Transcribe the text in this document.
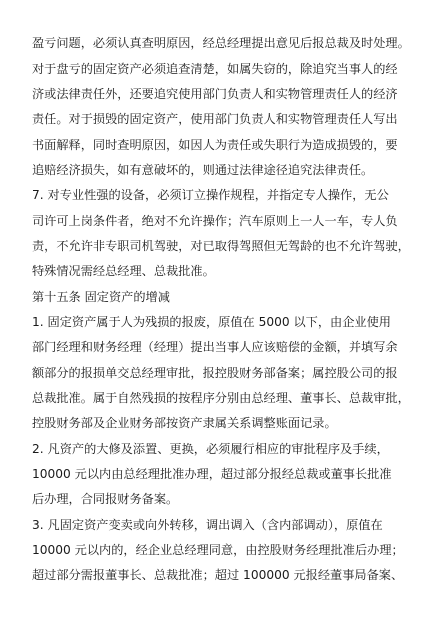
盈亏问题，必须认真查明原因，经总经理提出意见后报总裁及时处理。
对于盘亏的固定资产必须追查清楚，如属失窃的，除追究当事人的经
济或法律责任外，还要追究使用部门负责人和实物管理责任人的经济
责任。对于损毁的固定资产，使用部门负责人和实物管理责任人写出
书面解释，同时查明原因，如因人为责任或失职行为造成损毁的，要
追赔经济损失，如有意破坏的，则通过法律途径追究法律责任。
7. 对专业性强的设备，必须订立操作规程，并指定专人操作，无公
司许可上岗条件者，绝对不允许操作；汽车原则上一人一车，专人负
责，不允许非专职司机驾驶，对已取得驾照但无驾龄的也不允许驾驶，
特殊情况需经总经理、总裁批准。
第十五条 固定资产的增减
1. 固定资产属于人为残损的报废，原值在 5000 以下，由企业使用
部门经理和财务经理（经理）提出当事人应该赔偿的金额，并填写余
额部分的报损单交总经理审批，报控股财务部备案；属控股公司的报
总裁批准。属于自然残损的按程序分别由总经理、董事长、总裁审批，
控股财务部及企业财务部按资产隶属关系调整账面记录。
2. 凡资产的大修及添置、更换，必须履行相应的审批程序及手续，
10000 元以内由总经理批准办理，超过部分报经总裁或董事长批准
后办理，合同报财务备案。
3. 凡固定资产变卖或向外转移，调出调入（含内部调动），原值在
10000 元以内的，经企业总经理同意，由控股财务经理批准后办理；
超过部分需报董事长、总裁批准；超过 100000 元报经董事局备案、
